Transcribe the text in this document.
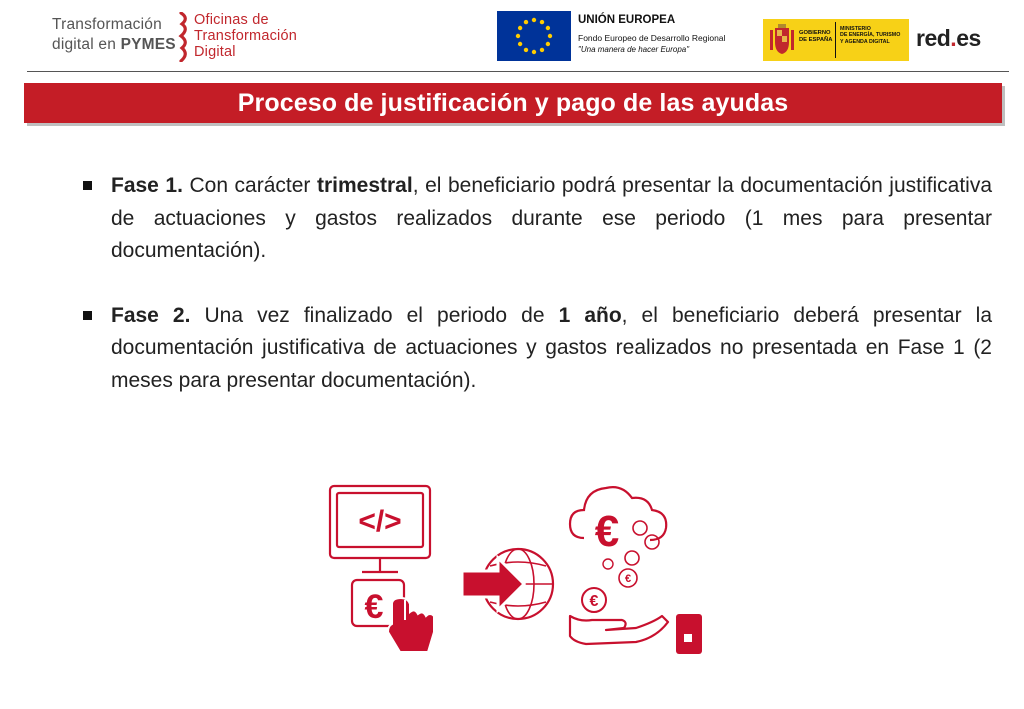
Transformación
digital en PYMES
Oficinas de
Transformación
Digital
UNIÓN EUROPEA
Fondo Europeo de Desarrollo Regional
"Una manera de hacer Europa"
GOBIERNO
DE ESPAÑA
MINISTERIO
DE ENERGÍA, TURISMO
Y AGENDA DIGITAL	red.es
Proceso de justificación y pago de las ayudas
Fase 1. Con carácter trimestral, el beneficiario podrá presentar la documentación justificativa de actuaciones y gastos realizados durante ese periodo (1 mes para presentar documentación).
Fase 2. Una vez finalizado el periodo de 1 año, el beneficiario deberá presentar la documentación justificativa de actuaciones y gastos realizados no presentada en Fase 1 (2 meses para presentar documentación).
</>
€
€
€
€
